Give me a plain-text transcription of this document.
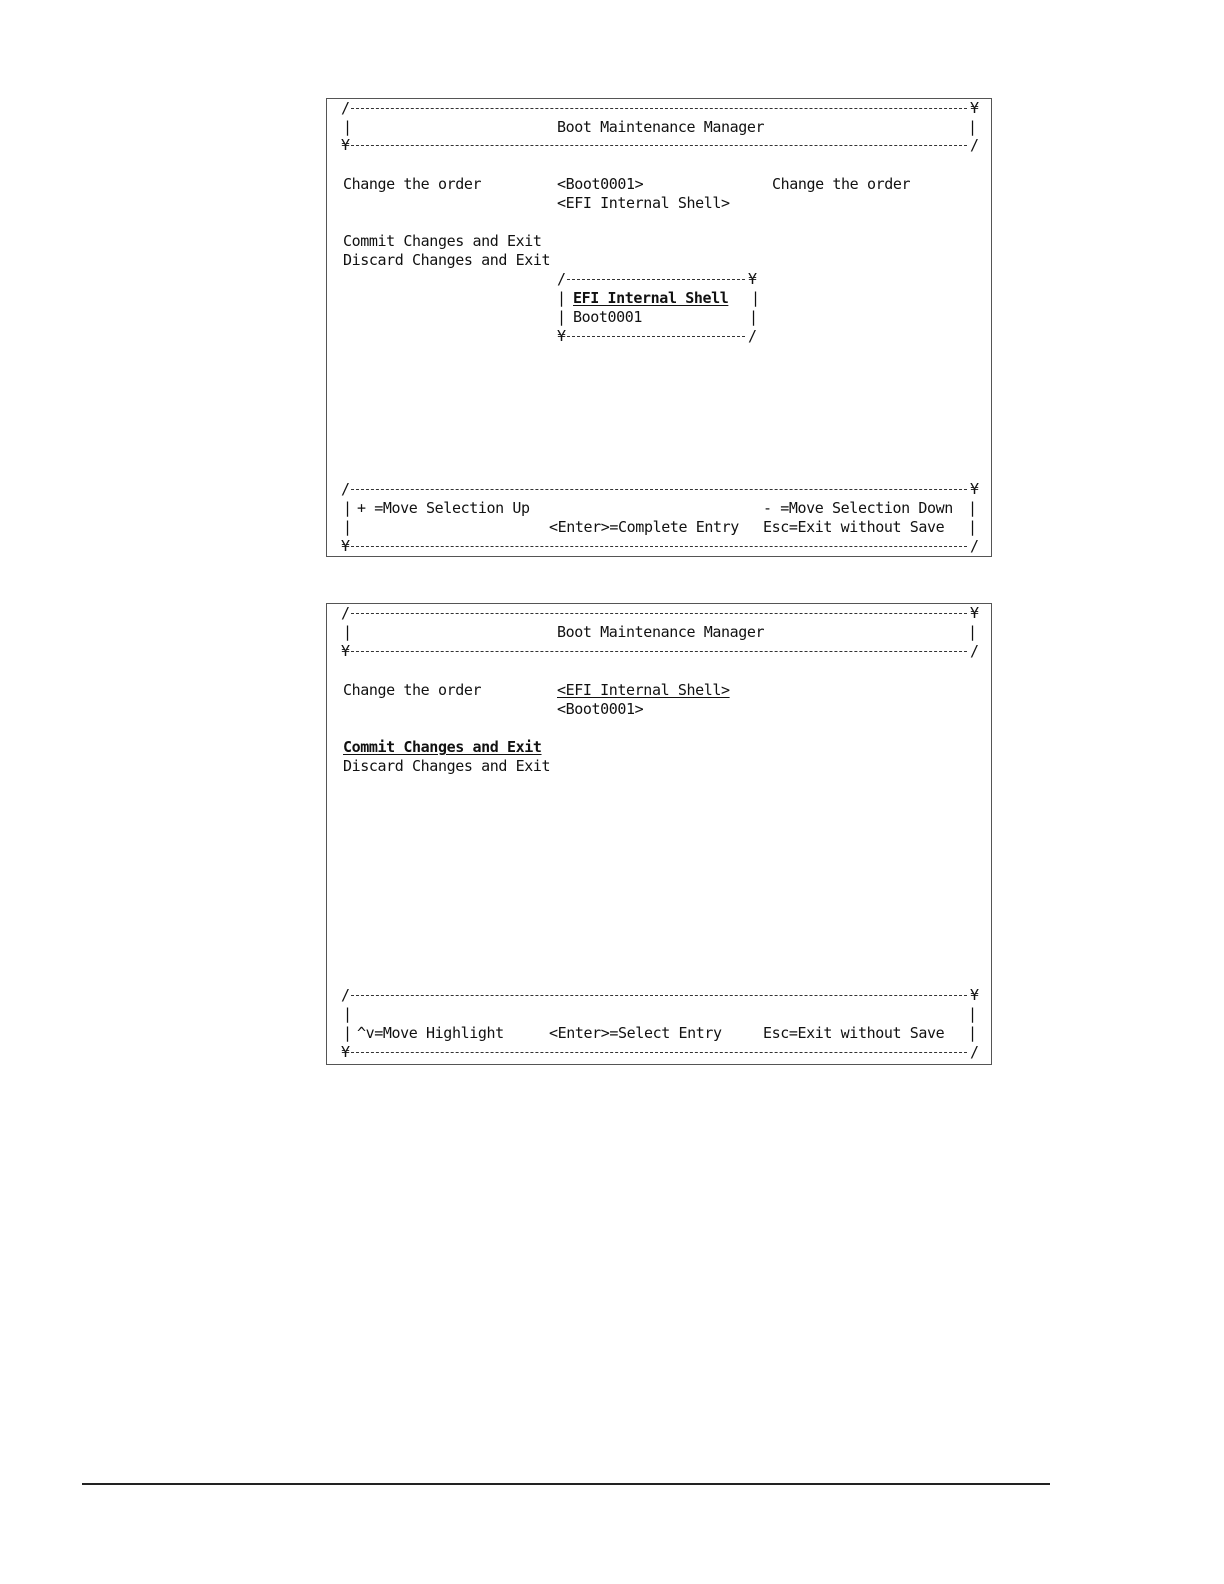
/	¥
|	Boot Maintenance Manager	|
¥	/
Change the order	<Boot0001>
<EFI Internal Shell>
Change the order
Commit Changes and Exit
Discard Changes and Exit
/	¥
| EFI Internal Shell |
| Boot0001	|
¥	/
/	¥
| + =Move Selection Up	- =Move Selection Down |
|	<Enter>=Complete Entry Esc=Exit without Save |
¥	/
/	¥
|	Boot Maintenance Manager	|
¥	/
Change the order	<EFI Internal Shell>
<Boot0001>
Commit Changes and Exit
Discard Changes and Exit
/	¥
|	|
| ^v=Move Highlight	<Enter>=Select Entry	Esc=Exit without Save |
¥	/
